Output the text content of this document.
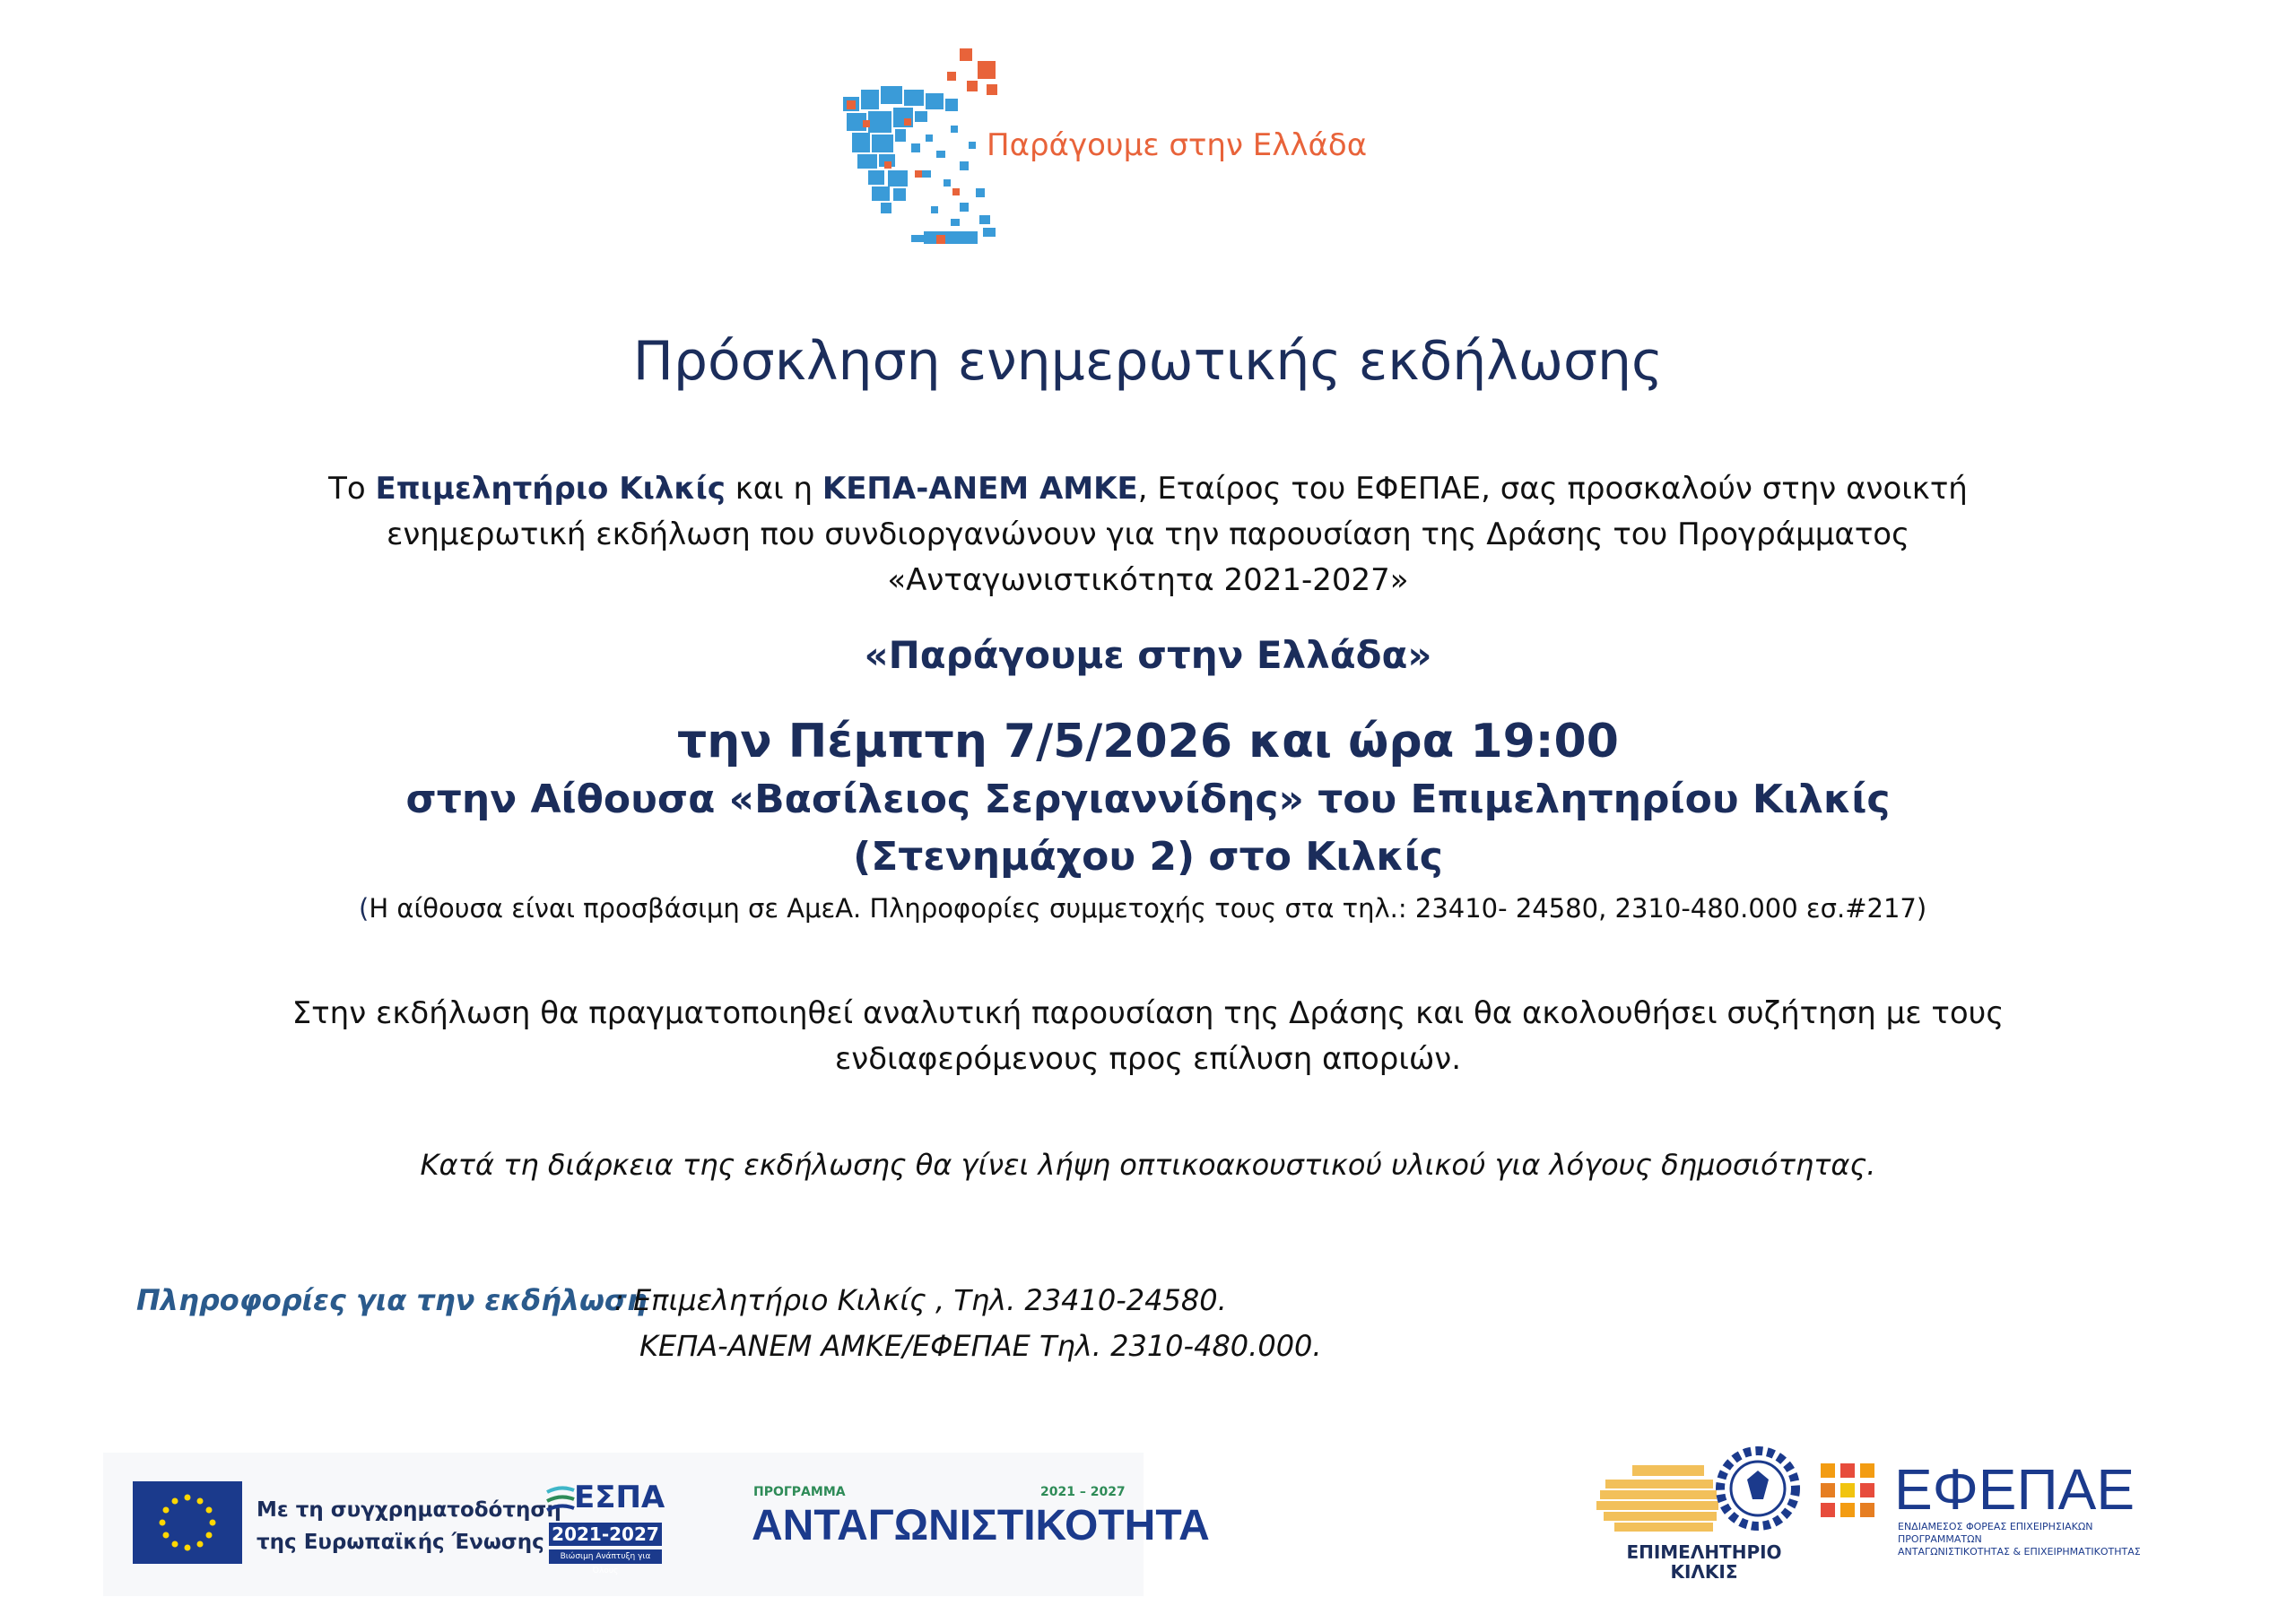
Παράγουμε στην Ελλάδα
Πρόσκληση ενημερωτικής εκδήλωσης
Το Επιμελητήριο Κιλκίς και η ΚΕΠΑ-ΑΝΕΜ ΑΜΚΕ, Εταίρος του ΕΦΕΠΑΕ, σας προσκαλούν στην ανοικτή
ενημερωτική εκδήλωση που συνδιοργανώνουν για την παρουσίαση της Δράσης του Προγράμματος
«Ανταγωνιστικότητα 2021-2027»
«Παράγουμε στην Ελλάδα»
την Πέμπτη 7/5/2026 και ώρα 19:00
στην Αίθουσα «Βασίλειος Σεργιαννίδης» του Επιμελητηρίου Κιλκίς
(Στενημάχου 2) στο Κιλκίς
(Η αίθουσα είναι προσβάσιμη σε ΑμεΑ. Πληροφορίες συμμετοχής τους στα τηλ.: 23410- 24580, 2310-480.000 εσ.#217)
Στην εκδήλωση θα πραγματοποιηθεί αναλυτική παρουσίαση της Δράσης και θα ακολουθήσει συζήτηση με τους
ενδιαφερόμενους προς επίλυση αποριών.
Κατά τη διάρκεια της εκδήλωσης θα γίνει λήψη οπτικοακουστικού υλικού για λόγους δημοσιότητας.
Πληροφορίες για την εκδήλωση
: Επιμελητήριο Κιλκίς , Τηλ. 23410-24580.
ΚΕΠΑ-ΑΝΕΜ ΑΜΚΕ/ΕΦΕΠΑΕ Τηλ. 2310-480.000.
Με τη συγχρηματοδότηση
της Ευρωπαϊκής Ένωσης
ΕΣΠΑ
2021-2027
Βιώσιμη Ανάπτυξη για Όλους
ΠΡΟΓΡΑΜΜΑ	2021 – 2027
ΑΝΤΑΓΩΝΙΣΤΙΚΟΤΗΤΑ
ΕΠΙΜΕΛΗΤΗΡΙΟ
ΚΙΛΚΙΣ
ΕΦΕΠΑΕ
ΕΝΔΙΑΜΕΣΟΣ ΦΟΡΕΑΣ ΕΠΙΧΕΙΡΗΣΙΑΚΩΝ ΠΡΟΓΡΑΜΜΑΤΩΝ
ΑΝΤΑΓΩΝΙΣΤΙΚΟΤΗΤΑΣ & ΕΠΙΧΕΙΡΗΜΑΤΙΚΟΤΗΤΑΣ
